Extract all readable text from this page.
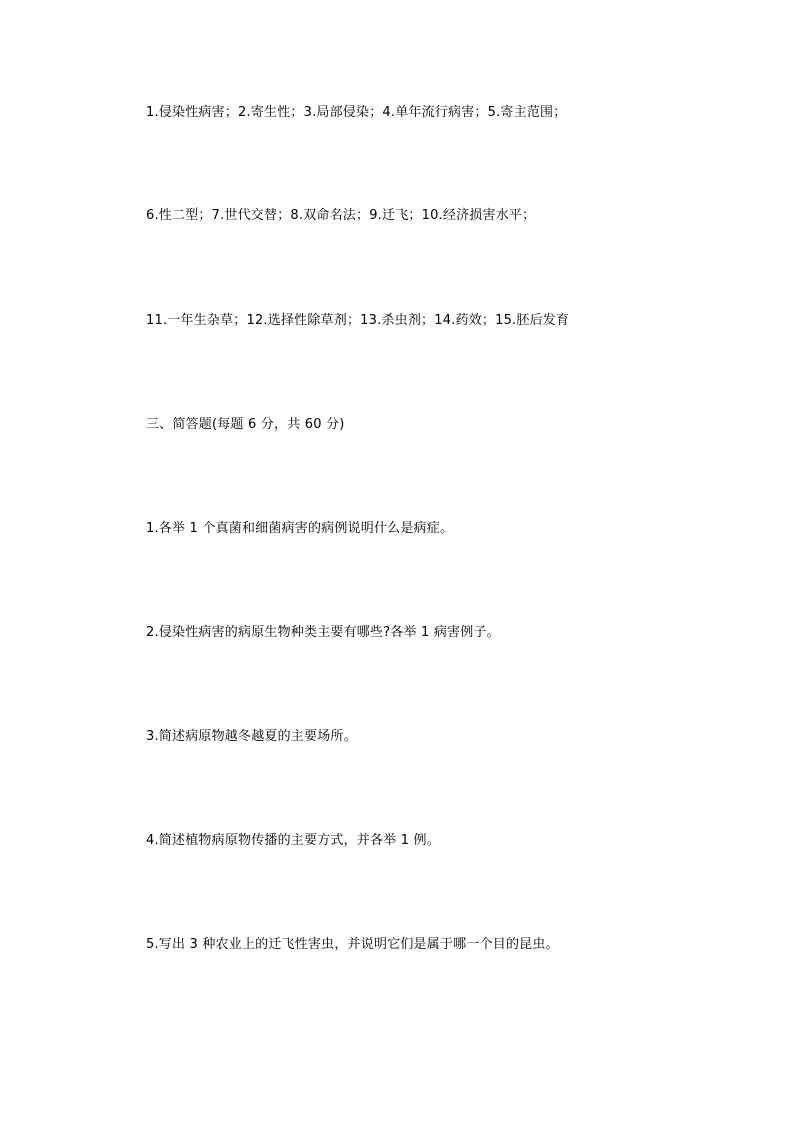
1.侵染性病害；2.寄生性；3.局部侵染；4.单年流行病害；5.寄主范围；
6.性二型；7.世代交替；8.双命名法；9.迁飞；10.经济损害水平；
11.一年生杂草；12.选择性除草剂；13.杀虫剂；14.药效；15.胚后发育
三、简答题(每题 6 分，共 60 分)
1.各举 1 个真菌和细菌病害的病例说明什么是病症。
2.侵染性病害的病原生物种类主要有哪些?各举 1 病害例子。
3.简述病原物越冬越夏的主要场所。
4.简述植物病原物传播的主要方式，并各举 1 例。
5.写出 3 种农业上的迁飞性害虫，并说明它们是属于哪一个目的昆虫。
